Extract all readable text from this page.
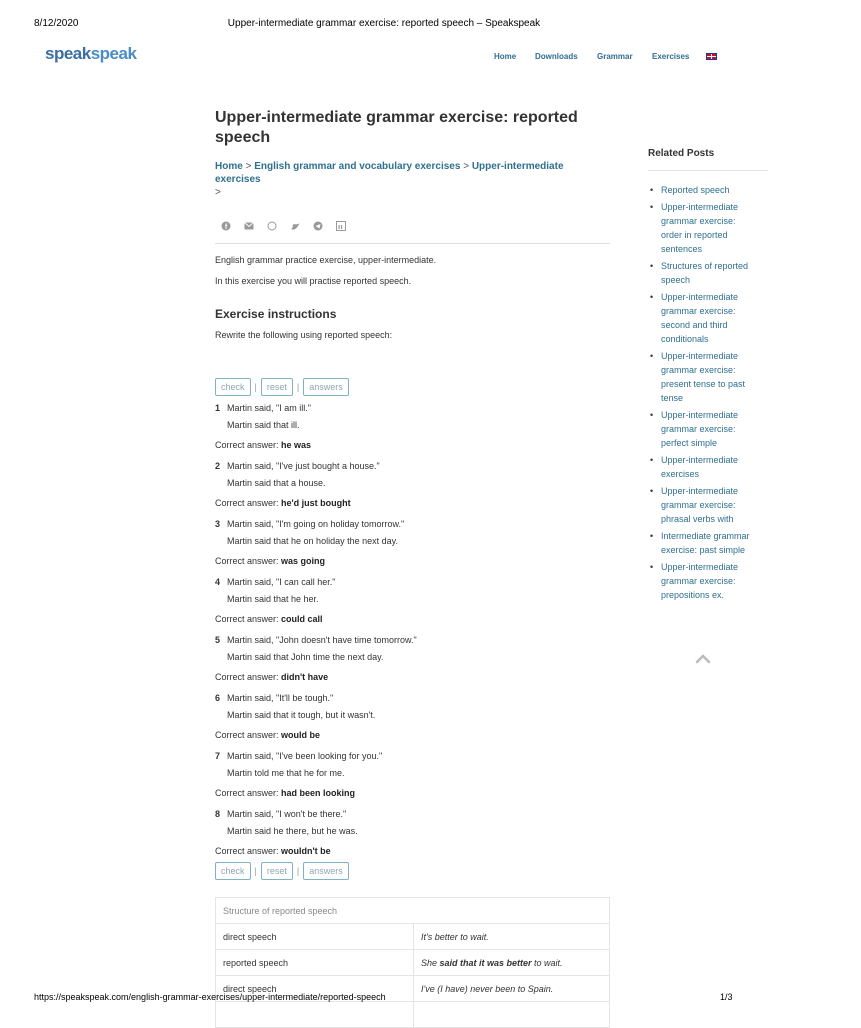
8/12/2020	Upper-intermediate grammar exercise: reported speech – Speakspeak
speakspeak	Home Downloads Grammar Exercises
Upper-intermediate grammar exercise: reported speech
Home > English grammar and vocabulary exercises > Upper-intermediate exercises
>
f
English grammar practice exercise, upper-intermediate.
In this exercise you will practise reported speech.
Exercise instructions
Rewrite the following using reported speech:
check	|	reset	|	answers
1 Martin said, "I am ill."
Martin said that ill.
Correct answer: he was
2 Martin said, "I've just bought a house."
Martin said that a house.
Correct answer: he'd just bought
3 Martin said, "I'm going on holiday tomorrow."
Martin said that he on holiday the next day.
Correct answer: was going
4 Martin said, "I can call her."
Martin said that he her.
Correct answer: could call
5 Martin said, "John doesn't have time tomorrow."
Martin said that John time the next day.
Correct answer: didn't have
6 Martin said, "It'll be tough."
Martin said that it tough, but it wasn't.
Correct answer: would be
7 Martin said, "I've been looking for you."
Martin told me that he for me.
Correct answer: had been looking
8 Martin said, "I won't be there."
Martin said he there, but he was.
Correct answer: wouldn't be
check	|	reset	|	answers
Structure of reported speech	
direct speech	It's better to wait.
reported speech	She said that it was better to wait.
direct speech	I've (I have) never been to Spain.

Related Posts
• Reported speech
• Upper-intermediate
grammar exercise:
order in reported
sentences
• Structures of reported
speech
• Upper-intermediate
grammar exercise:
second and third
conditionals
• Upper-intermediate
grammar exercise:
present tense to past
tense
• Upper-intermediate
grammar exercise:
perfect simple
• Upper-intermediate
exercises
• Upper-intermediate
grammar exercise:
phrasal verbs with
• Intermediate grammar
exercise: past simple
• Upper-intermediate
grammar exercise:
prepositions ex.
https://speakspeak.com/english-grammar-exercises/upper-intermediate/reported-speech	1/3
